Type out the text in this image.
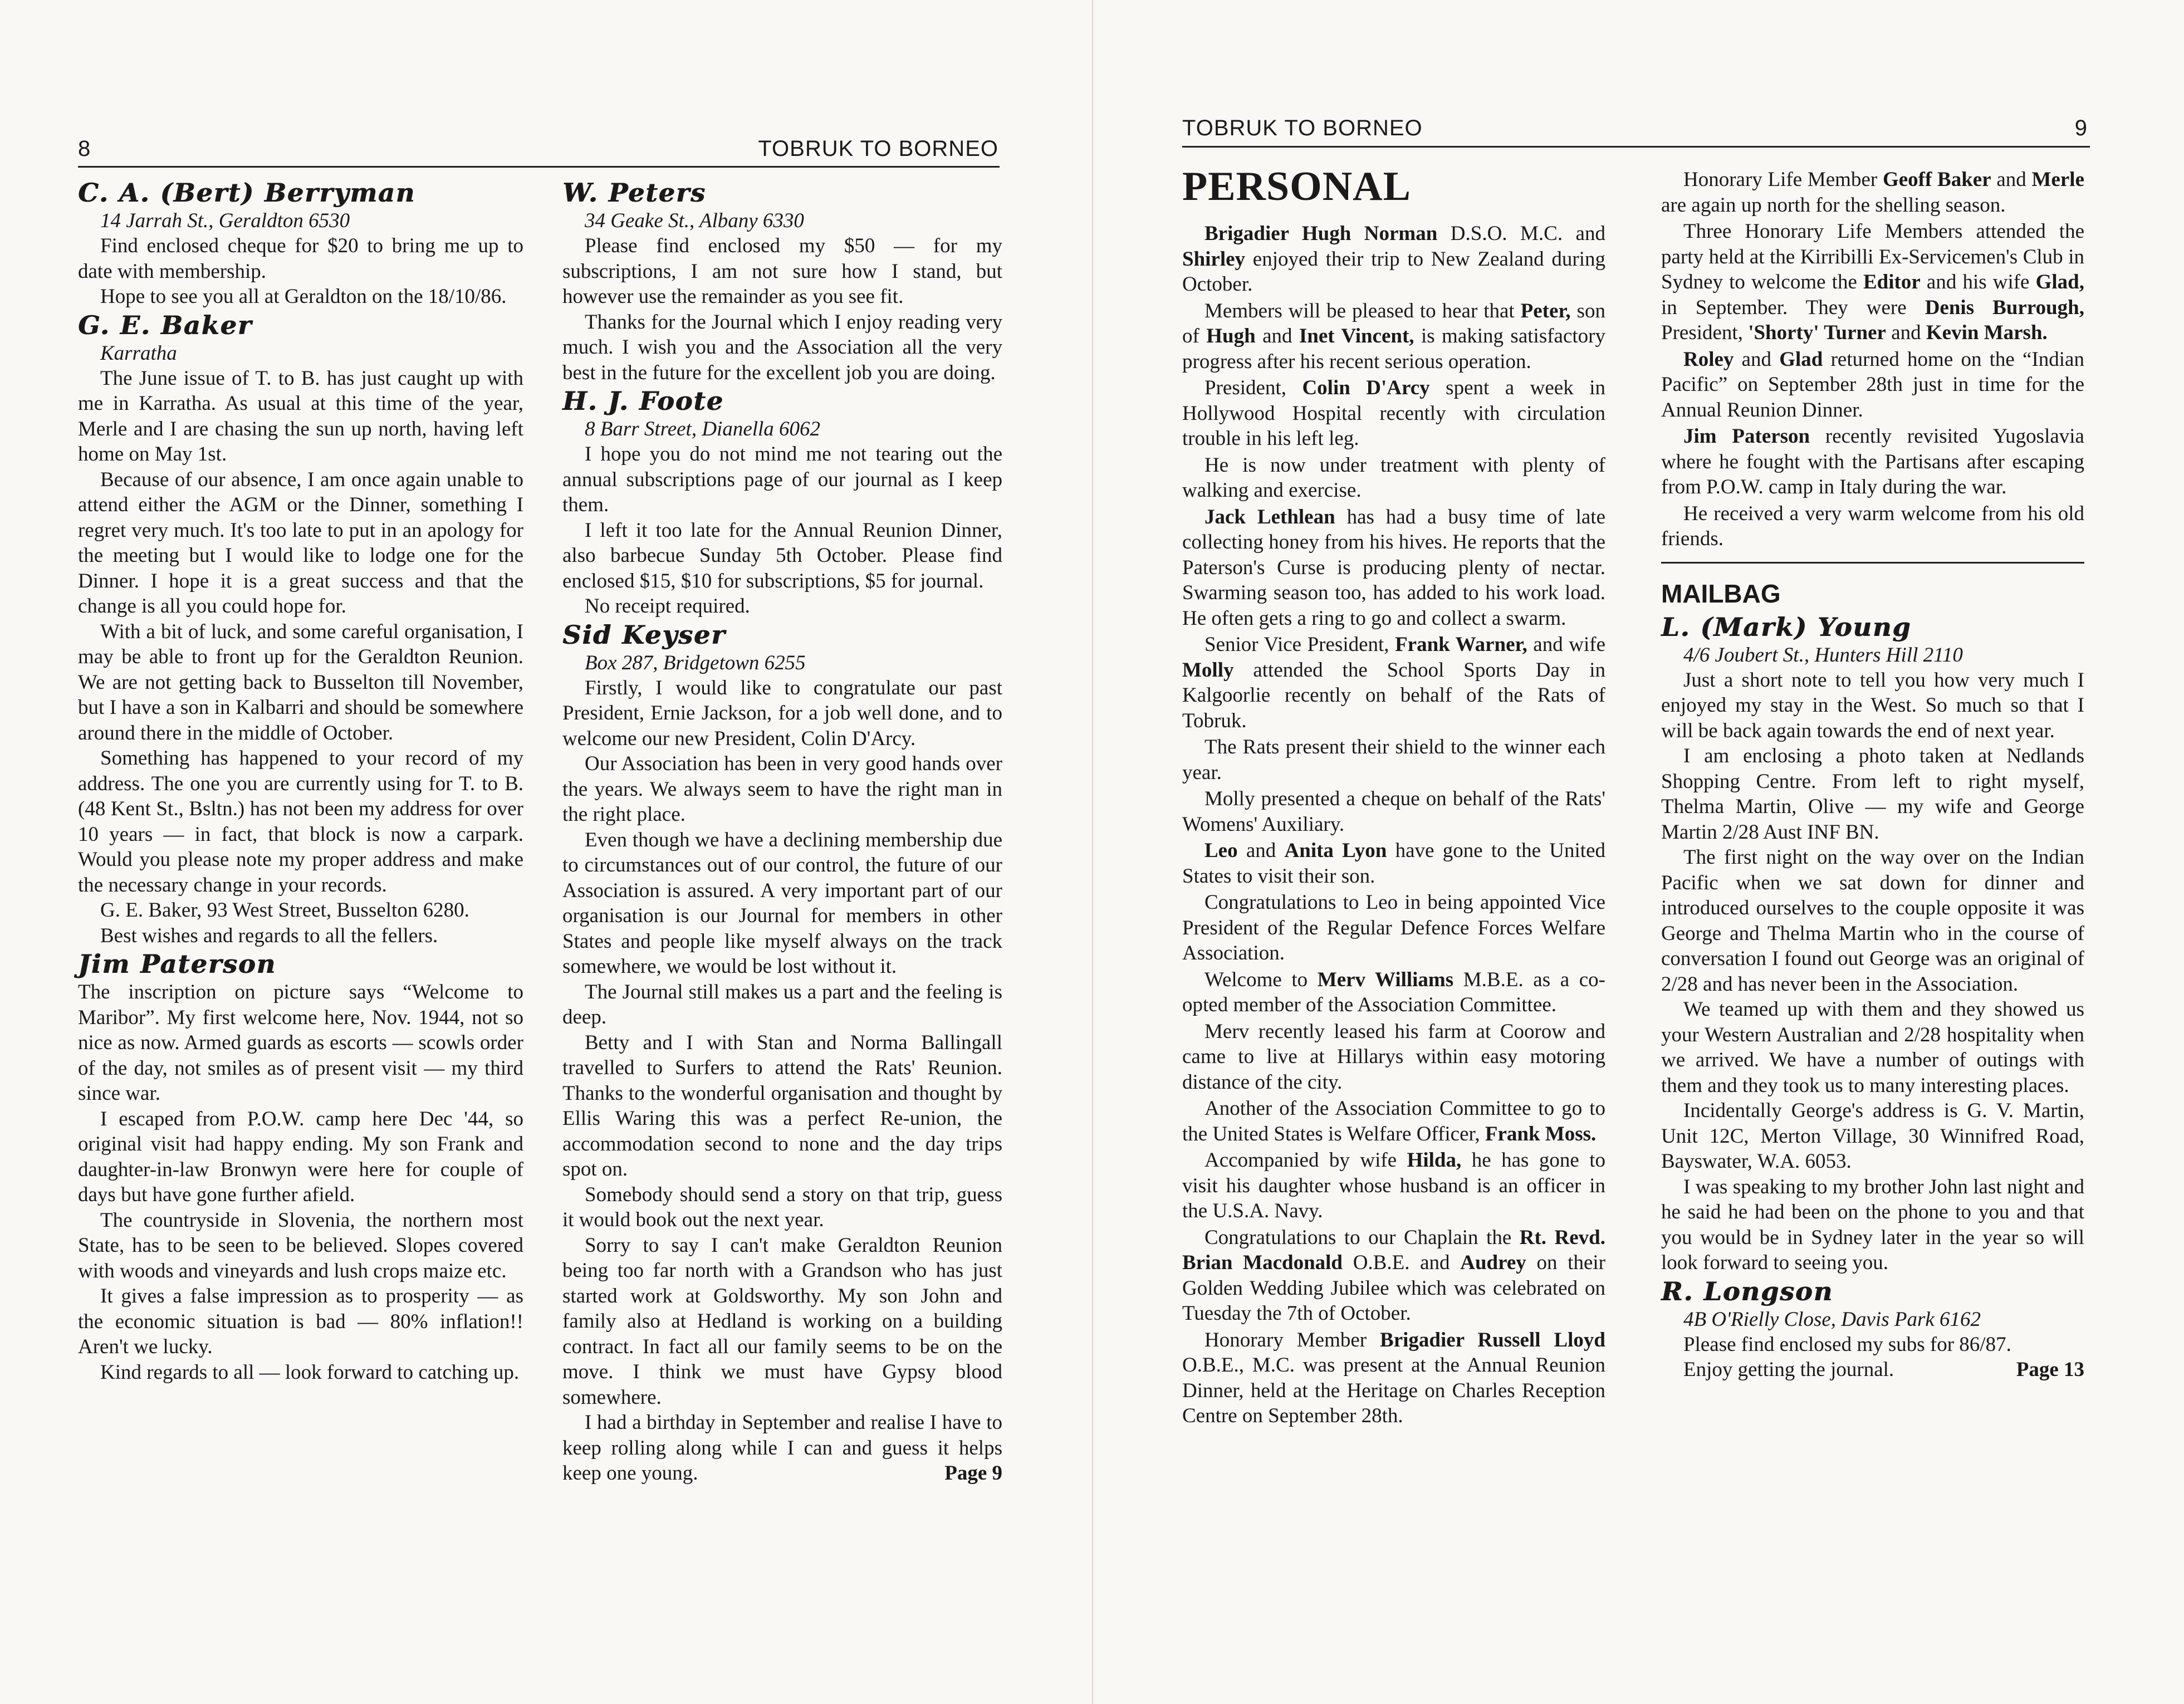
8	TOBRUK TO BORNEO
C. A. (Bert) Berryman

14 Jarrah St., Geraldton 6530

Find enclosed cheque for $20 to bring me up to date with membership.

Hope to see you all at Geraldton on the 18/10/86.

G. E. Baker

Karratha

The June issue of T. to B. has just caught up with me in Karratha. As usual at this time of the year, Merle and I are chasing the sun up north, having left home on May 1st.

Because of our absence, I am once again unable to attend either the AGM or the Dinner, something I regret very much. It's too late to put in an apology for the meeting but I would like to lodge one for the Dinner. I hope it is a great success and that the change is all you could hope for.

With a bit of luck, and some careful organisation, I may be able to front up for the Geraldton Reunion. We are not getting back to Busselton till November, but I have a son in Kalbarri and should be somewhere around there in the middle of October.

Something has happened to your record of my address. The one you are currently using for T. to B. (48 Kent St., Bsltn.) has not been my address for over 10 years — in fact, that block is now a carpark. Would you please note my proper address and make the necessary change in your records.

G. E. Baker, 93 West Street, Busselton 6280.

Best wishes and regards to all the fellers.

Jim Paterson

The inscription on picture says “Welcome to Maribor”. My first welcome here, Nov. 1944, not so nice as now. Armed guards as escorts — scowls order of the day, not smiles as of present visit — my third since war.

I escaped from P.O.W. camp here Dec '44, so original visit had happy ending. My son Frank and daughter-in-law Bronwyn were here for couple of days but have gone further afield.

The countryside in Slovenia, the northern most State, has to be seen to be believed. Slopes covered with woods and vineyards and lush crops maize etc.

It gives a false impression as to prosperity — as the economic situation is bad — 80% inflation!! Aren't we lucky.

Kind regards to all — look forward to catching up.

W. Peters

34 Geake St., Albany 6330

Please find enclosed my $50 — for my subscriptions, I am not sure how I stand, but however use the remainder as you see fit.

Thanks for the Journal which I enjoy reading very much. I wish you and the Association all the very best in the future for the excellent job you are doing.

H. J. Foote

8 Barr Street, Dianella 6062

I hope you do not mind me not tearing out the annual subscriptions page of our journal as I keep them.

I left it too late for the Annual Reunion Dinner, also barbecue Sunday 5th October. Please find enclosed $15, $10 for subscriptions, $5 for journal.

No receipt required.

Sid Keyser

Box 287, Bridgetown 6255

Firstly, I would like to congratulate our past President, Ernie Jackson, for a job well done, and to welcome our new President, Colin D'Arcy.

Our Association has been in very good hands over the years. We always seem to have the right man in the right place.

Even though we have a declining membership due to circumstances out of our control, the future of our Association is assured. A very important part of our organisation is our Journal for members in other States and people like myself always on the track somewhere, we would be lost without it.

The Journal still makes us a part and the feeling is deep.

Betty and I with Stan and Norma Ballingall travelled to Surfers to attend the Rats' Reunion. Thanks to the wonderful organisation and thought by Ellis Waring this was a perfect Re-union, the accommodation second to none and the day trips spot on.

Somebody should send a story on that trip, guess it would book out the next year.

Sorry to say I can't make Geraldton Reunion being too far north with a Grandson who has just started work at Goldsworthy. My son John and family also at Hedland is working on a building contract. In fact all our family seems to be on the move. I think we must have Gypsy blood somewhere.

I had a birthday in September and realise I have to keep rolling along while I can and guess it helps keep one young.	Page 9

TOBRUK TO BORNEO	9
PERSONAL

Brigadier Hugh Norman D.S.O. M.C. and Shirley enjoyed their trip to New Zealand during October.

Members will be pleased to hear that Peter, son of Hugh and Inet Vincent, is making satisfactory progress after his recent serious operation.

President, Colin D'Arcy spent a week in Hollywood Hospital recently with circulation trouble in his left leg.

He is now under treatment with plenty of walking and exercise.

Jack Lethlean has had a busy time of late collecting honey from his hives. He reports that the Paterson's Curse is producing plenty of nectar. Swarming season too, has added to his work load. He often gets a ring to go and collect a swarm.

Senior Vice President, Frank Warner, and wife Molly attended the School Sports Day in Kalgoorlie recently on behalf of the Rats of Tobruk.

The Rats present their shield to the winner each year.

Molly presented a cheque on behalf of the Rats' Womens' Auxiliary.

Leo and Anita Lyon have gone to the United States to visit their son.

Congratulations to Leo in being appointed Vice President of the Regular Defence Forces Welfare Association.

Welcome to Merv Williams M.B.E. as a co-opted member of the Association Committee.

Merv recently leased his farm at Coorow and came to live at Hillarys within easy motoring distance of the city.

Another of the Association Committee to go to the United States is Welfare Officer, Frank Moss.

Accompanied by wife Hilda, he has gone to visit his daughter whose husband is an officer in the U.S.A. Navy.

Congratulations to our Chaplain the Rt. Revd. Brian Macdonald O.B.E. and Audrey on their Golden Wedding Jubilee which was celebrated on Tuesday the 7th of October.

Honorary Member Brigadier Russell Lloyd O.B.E., M.C. was present at the Annual Reunion Dinner, held at the Heritage on Charles Reception Centre on September 28th.

Honorary Life Member Geoff Baker and Merle are again up north for the shelling season.

Three Honorary Life Members attended the party held at the Kirribilli Ex-Servicemen's Club in Sydney to welcome the Editor and his wife Glad, in September. They were Denis Burrough, President, 'Shorty' Turner and Kevin Marsh.

Roley and Glad returned home on the “Indian Pacific” on September 28th just in time for the Annual Reunion Dinner.

Jim Paterson recently revisited Yugoslavia where he fought with the Partisans after escaping from P.O.W. camp in Italy during the war.

He received a very warm welcome from his old friends.

MAILBAG
L. (Mark) Young

4/6 Joubert St., Hunters Hill 2110

Just a short note to tell you how very much I enjoyed my stay in the West. So much so that I will be back again towards the end of next year.

I am enclosing a photo taken at Nedlands Shopping Centre. From left to right myself, Thelma Martin, Olive — my wife and George Martin 2/28 Aust INF BN.

The first night on the way over on the Indian Pacific when we sat down for dinner and introduced ourselves to the couple opposite it was George and Thelma Martin who in the course of conversation I found out George was an original of 2/28 and has never been in the Association.

We teamed up with them and they showed us your Western Australian and 2/28 hospitality when we arrived. We have a number of outings with them and they took us to many interesting places.

Incidentally George's address is G. V. Martin, Unit 12C, Merton Village, 30 Winnifred Road, Bayswater, W.A. 6053.

I was speaking to my brother John last night and he said he had been on the phone to you and that you would be in Sydney later in the year so will look forward to seeing you.

R. Longson

4B O'Rielly Close, Davis Park 6162

Please find enclosed my subs for 86/87.

Enjoy getting the journal.	Page 13
